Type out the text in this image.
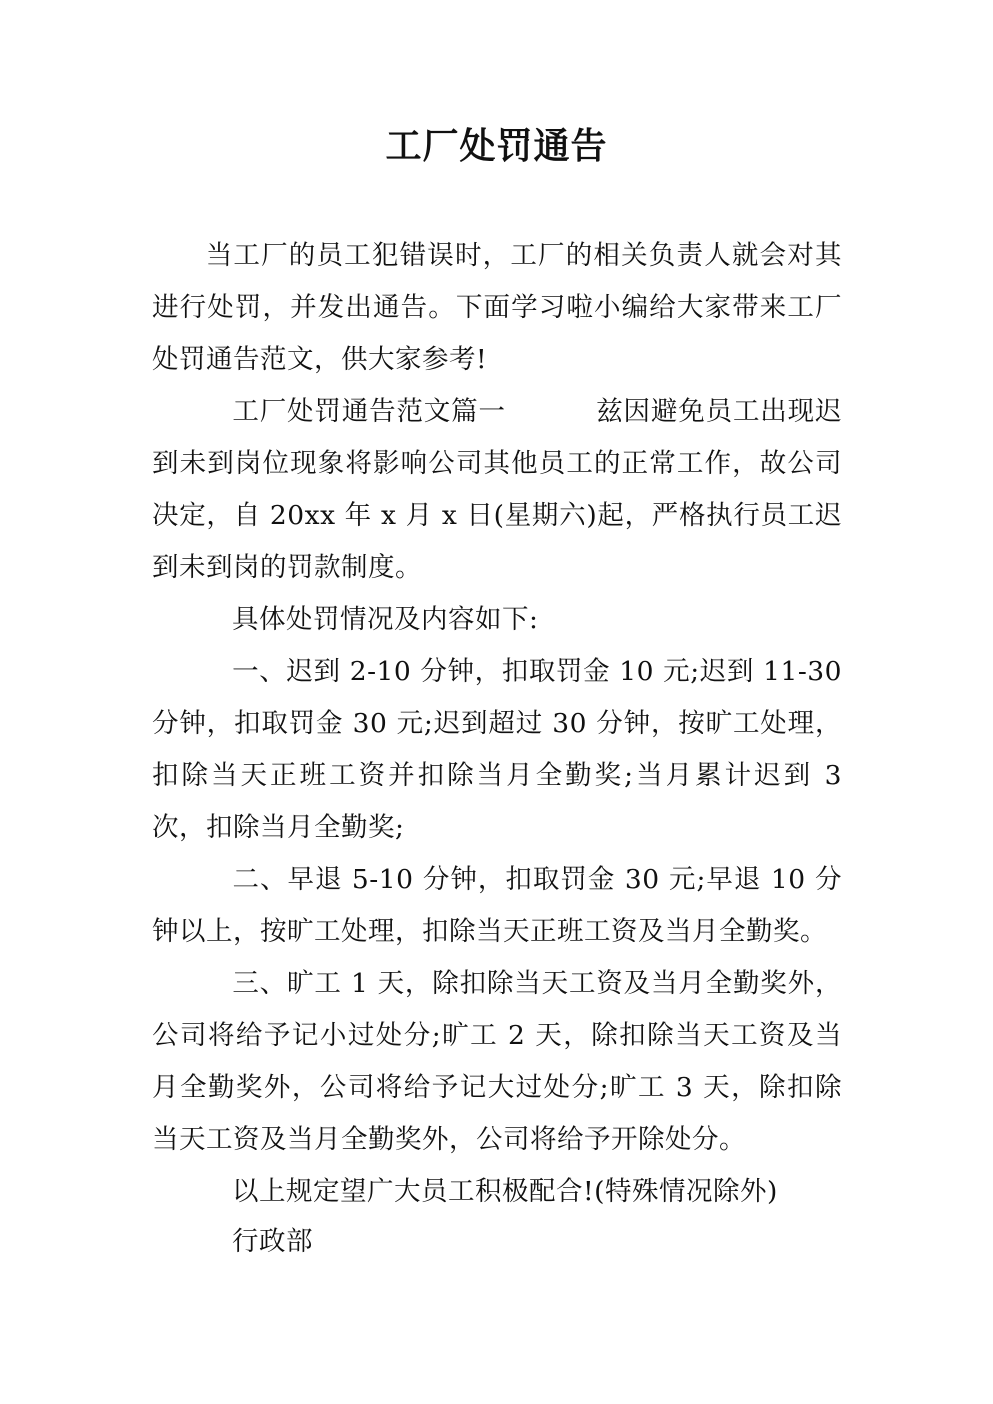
工厂处罚通告

当工厂的员工犯错误时，工厂的相关负责人就会对其进行处罚，并发出通告。下面学习啦小编给大家带来工厂处罚通告范文，供大家参考!

工厂处罚通告范文篇一	兹因避免员工出现迟到未到岗位现象将影响公司其他员工的正常工作，故公司决定，自 20xx 年 x 月 x 日(星期六)起，严格执行员工迟到未到岗的罚款制度。

具体处罚情况及内容如下:

一、迟到 2-10 分钟，扣取罚金 10 元;迟到 11-30 分钟，扣取罚金 30 元;迟到超过 30 分钟，按旷工处理，扣除当天正班工资并扣除当月全勤奖;当月累计迟到 3 次，扣除当月全勤奖;

二、早退 5-10 分钟，扣取罚金 30 元;早退 10 分钟以上，按旷工处理，扣除当天正班工资及当月全勤奖。

三、旷工 1 天，除扣除当天工资及当月全勤奖外，公司将给予记小过处分;旷工 2 天，除扣除当天工资及当月全勤奖外，公司将给予记大过处分;旷工 3 天，除扣除当天工资及当月全勤奖外，公司将给予开除处分。

以上规定望广大员工积极配合!(特殊情况除外)

行政部
